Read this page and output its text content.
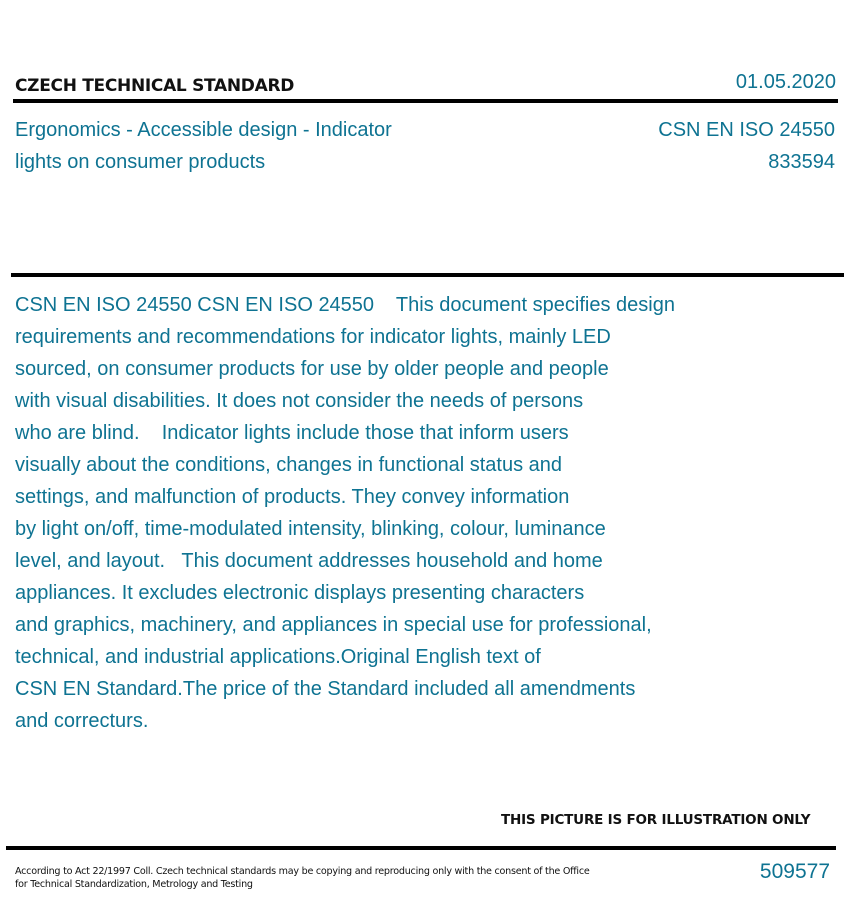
CZECH TECHNICAL STANDARD	01.05.2020
Ergonomics - Accessible design - Indicator
lights on consumer products
CSN EN ISO 24550
833594
CSN EN ISO 24550 CSN EN ISO 24550    This document specifies design
requirements and recommendations for indicator lights, mainly LED
sourced, on consumer products for use by older people and people
with visual disabilities. It does not consider the needs of persons
who are blind.    Indicator lights include those that inform users
visually about the conditions, changes in functional status and
settings, and malfunction of products. They convey information
by light on/off, time-modulated intensity, blinking, colour, luminance
level, and layout.   This document addresses household and home
appliances. It excludes electronic displays presenting characters
and graphics, machinery, and appliances in special use for professional,
technical, and industrial applications.Original English text of
CSN EN Standard.The price of the Standard included all amendments
and correcturs.
THIS PICTURE IS FOR ILLUSTRATION ONLY
According to Act 22/1997 Coll. Czech technical standards may be copying and reproducing only with the consent of the Office
for Technical Standardization, Metrology and Testing
509577
